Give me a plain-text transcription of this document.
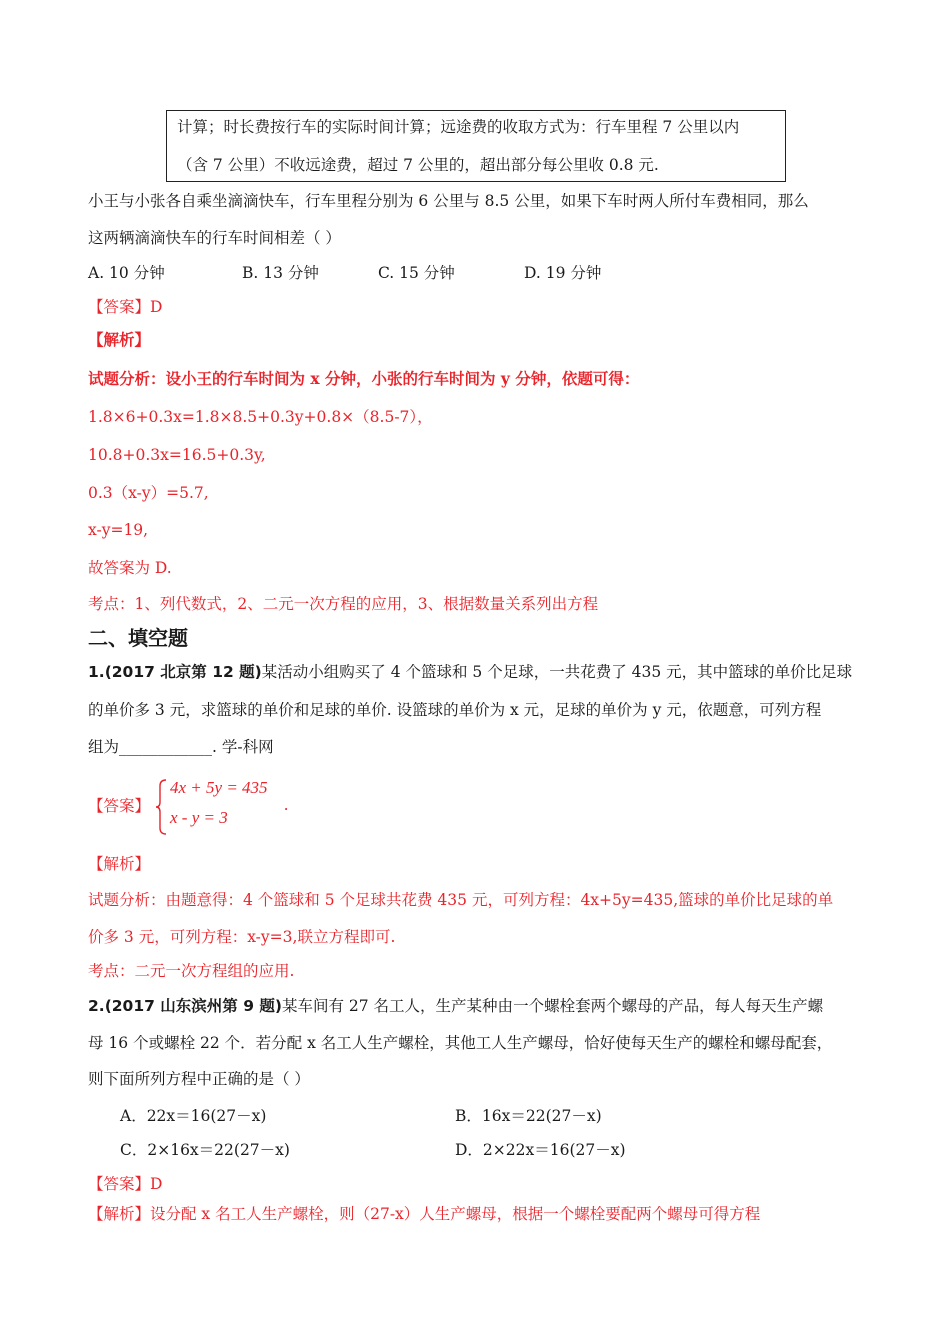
计算；时长费按行车的实际时间计算；远途费的收取方式为：行车里程 7 公里以内
（含 7 公里）不收远途费，超过 7 公里的，超出部分每公里收 0.8 元.
小王与小张各自乘坐滴滴快车，行车里程分别为 6 公里与 8.5 公里，如果下车时两人所付车费相同，那么
这两辆滴滴快车的行车时间相差（ ）
A. 10 分钟	B. 13 分钟	C. 15 分钟	D. 19 分钟
【答案】D
【解析】
试题分析：设小王的行车时间为 x 分钟，小张的行车时间为 y 分钟，依题可得：
1.8×6+0.3x=1.8×8.5+0.3y+0.8×（8.5-7），
10.8+0.3x=16.5+0.3y,
0.3（x-y）=5.7,
x-y=19,
故答案为 D.
考点：1、列代数式，2、二元一次方程的应用，3、根据数量关系列出方程
二、填空题
1.(2017 北京第 12 题)某活动小组购买了 4 个篮球和 5 个足球，一共花费了 435 元，其中篮球的单价比足球
的单价多 3 元，求篮球的单价和足球的单价. 设篮球的单价为 x 元，足球的单价为 y 元，依题意，可列方程
组为____________. 学-科网
【答案】
4x + 5y = 435
x - y = 3
.
【解析】
试题分析：由题意得：4 个篮球和 5 个足球共花费 435 元，可列方程：4x+5y=435,篮球的单价比足球的单
价多 3 元，可列方程：x-y=3,联立方程即可.
考点：二元一次方程组的应用.
2.(2017 山东滨州第 9 题)某车间有 27 名工人，生产某种由一个螺栓套两个螺母的产品，每人每天生产螺
母 16 个或螺栓 22 个．若分配 x 名工人生产螺栓，其他工人生产螺母，恰好使每天生产的螺栓和螺母配套，
则下面所列方程中正确的是（ ）
A．22x＝16(27－x)	B．16x＝22(27－x)
C．2×16x＝22(27－x)	D．2×22x＝16(27－x)
【答案】D
【解析】设分配 x 名工人生产螺栓，则（27-x）人生产螺母，根据一个螺栓要配两个螺母可得方程
